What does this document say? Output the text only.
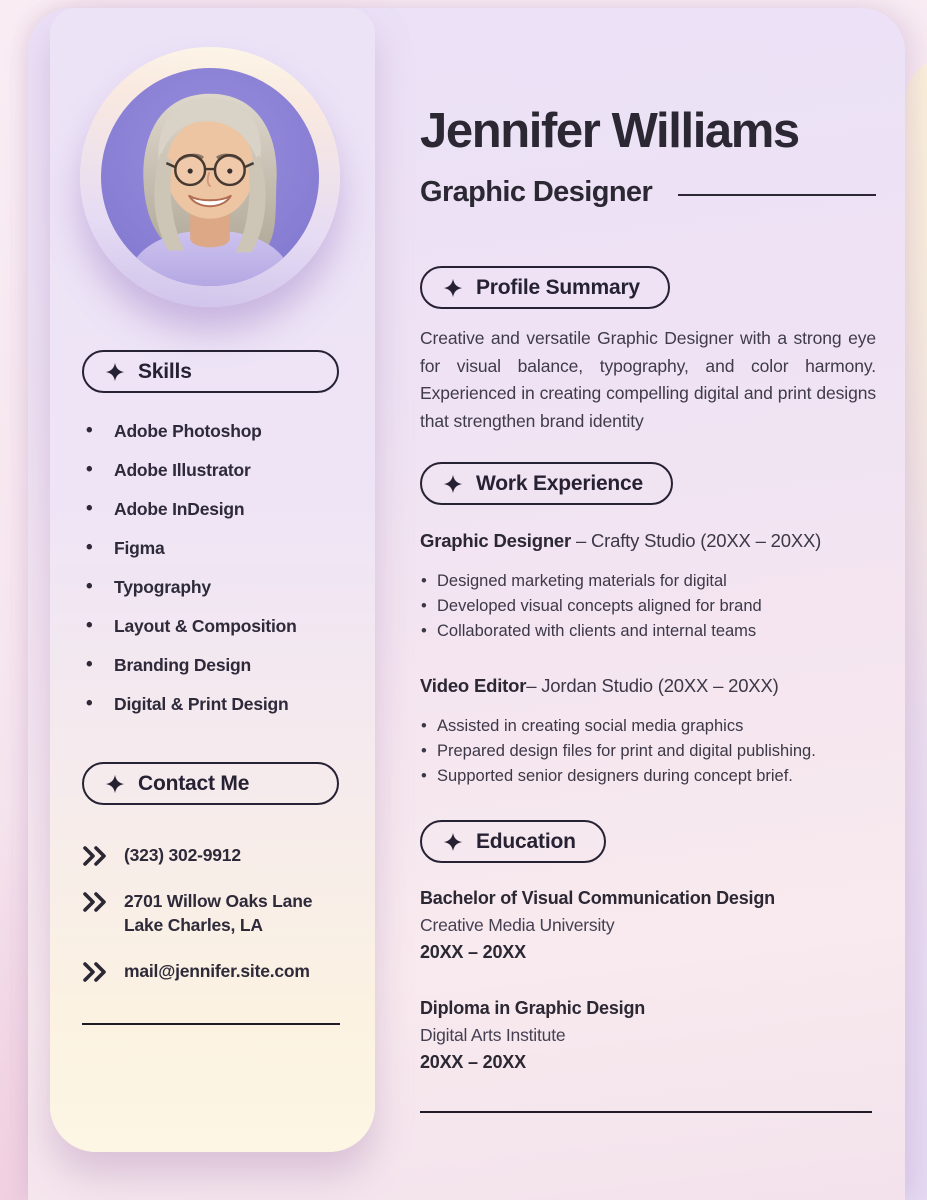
Skills
• Adobe Photoshop
• Adobe Illustrator
• Adobe InDesign
• Figma
• Typography
• Layout & Composition
• Branding Design
• Digital & Print Design
Contact Me
(323) 302-9912
2701 Willow Oaks Lane
Lake Charles, LA
mail@jennifer.site.com
Jennifer Williams
Graphic Designer
Profile Summary

Creative and versatile Graphic Designer with a strong eye for visual balance, typography, and color harmony. Experienced in creating compelling digital and print designs that strengthen brand identity

Work Experience
Graphic Designer – Crafty Studio (20XX – 20XX)
• Designed marketing materials for digital
• Developed visual concepts aligned for brand
• Collaborated with clients and internal teams
Video Editor– Jordan Studio (20XX – 20XX)
• Assisted in creating social media graphics
• Prepared design files for print and digital publishing.
• Supported senior designers during concept brief.
Education
Bachelor of Visual Communication Design
Creative Media University
20XX – 20XX
Diploma in Graphic Design
Digital Arts Institute
20XX – 20XX
